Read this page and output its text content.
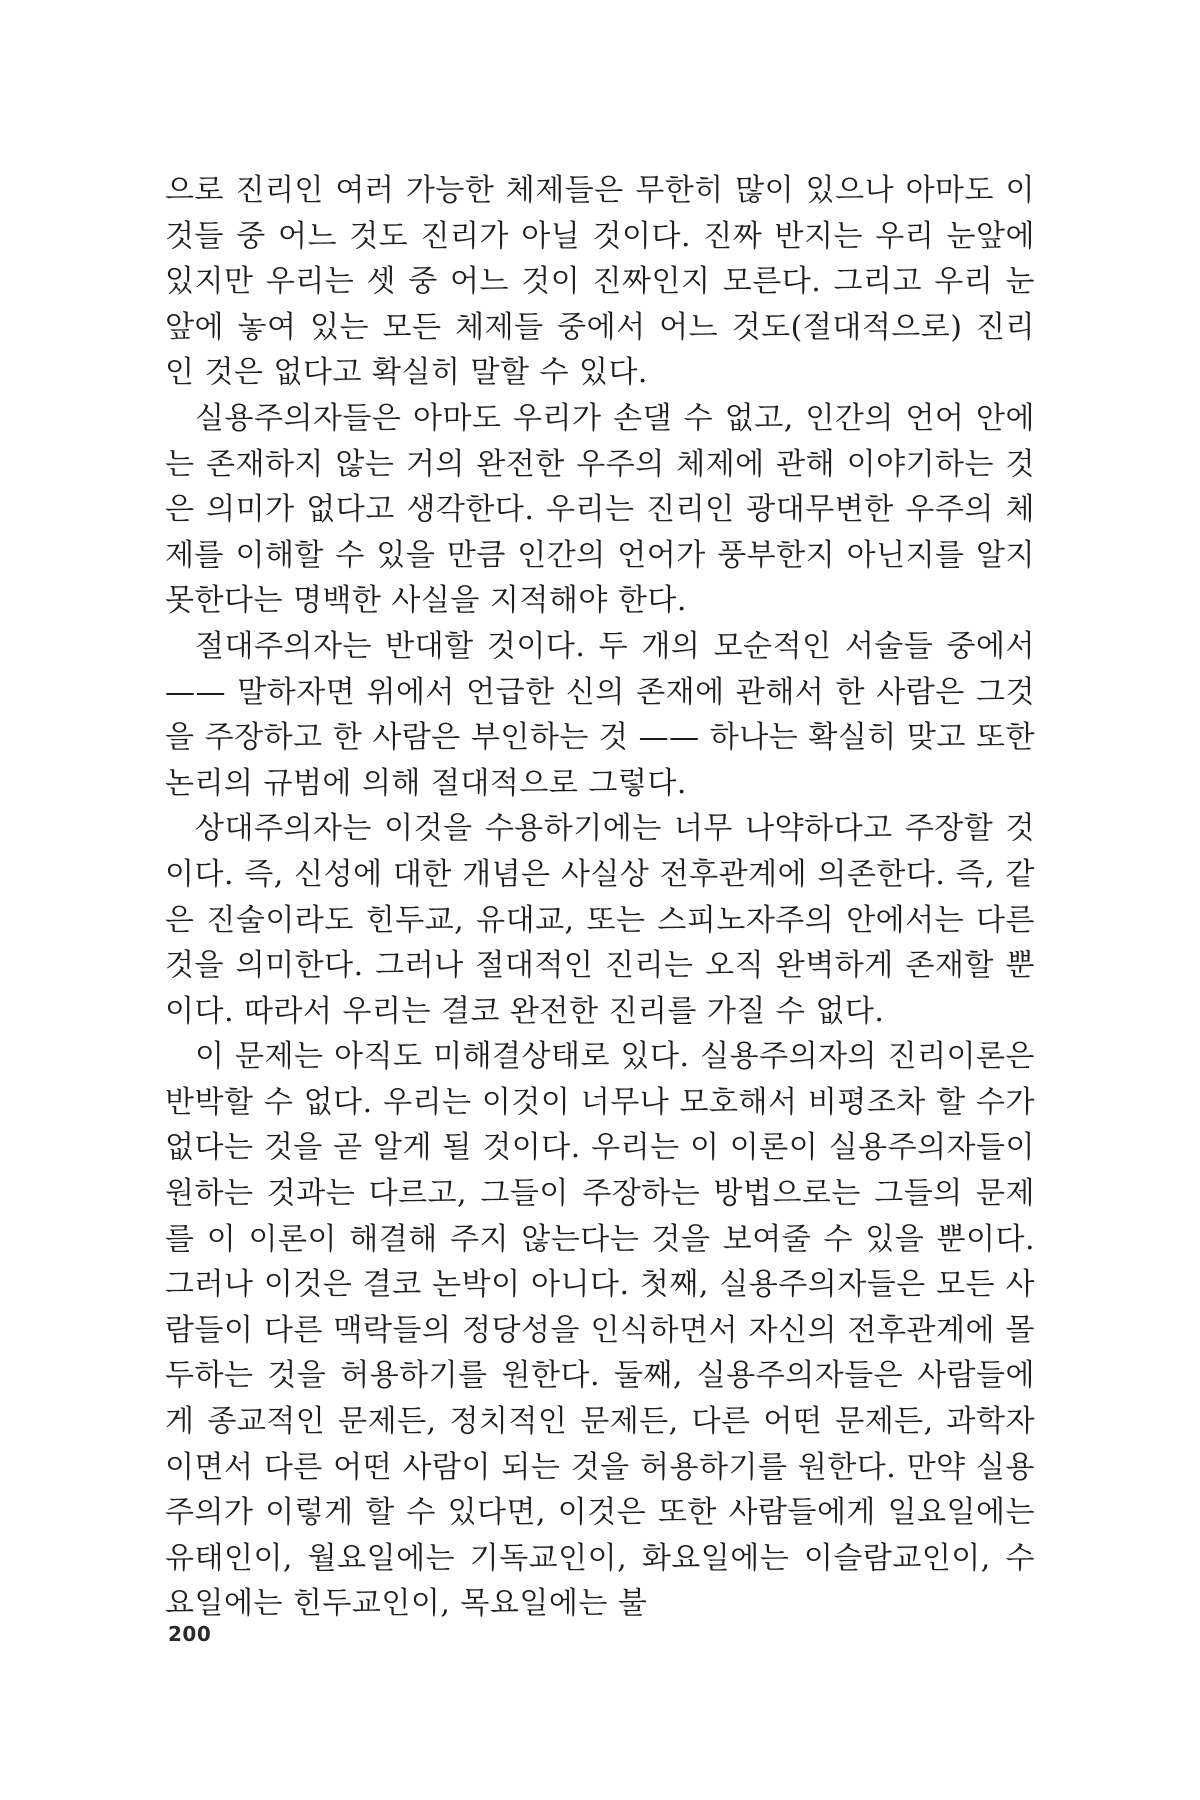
으로 진리인 여러 가능한 체제들은 무한히 많이 있으나 아마도 이것들 중 어느 것도 진리가 아닐 것이다. 진짜 반지는 우리 눈앞에 있지만 우리는 셋 중 어느 것이 진짜인지 모른다. 그리고 우리 눈앞에 놓여 있는 모든 체제들 중에서 어느 것도(절대적으로) 진리인 것은 없다고 확실히 말할 수 있다.

실용주의자들은 아마도 우리가 손댈 수 없고, 인간의 언어 안에는 존재하지 않는 거의 완전한 우주의 체제에 관해 이야기하는 것은 의미가 없다고 생각한다. 우리는 진리인 광대무변한 우주의 체제를 이해할 수 있을 만큼 인간의 언어가 풍부한지 아닌지를 알지 못한다는 명백한 사실을 지적해야 한다.

절대주의자는 반대할 것이다. 두 개의 모순적인 서술들 중에서 —— 말하자면 위에서 언급한 신의 존재에 관해서 한 사람은 그것을 주장하고 한 사람은 부인하는 것 —— 하나는 확실히 맞고 또한 논리의 규범에 의해 절대적으로 그렇다.

상대주의자는 이것을 수용하기에는 너무 나약하다고 주장할 것이다. 즉, 신성에 대한 개념은 사실상 전후관계에 의존한다. 즉, 같은 진술이라도 힌두교, 유대교, 또는 스피노자주의 안에서는 다른 것을 의미한다. 그러나 절대적인 진리는 오직 완벽하게 존재할 뿐이다. 따라서 우리는 결코 완전한 진리를 가질 수 없다.

이 문제는 아직도 미해결상태로 있다. 실용주의자의 진리이론은 반박할 수 없다. 우리는 이것이 너무나 모호해서 비평조차 할 수가 없다는 것을 곧 알게 될 것이다. 우리는 이 이론이 실용주의자들이 원하는 것과는 다르고, 그들이 주장하는 방법으로는 그들의 문제를 이 이론이 해결해 주지 않는다는 것을 보여줄 수 있을 뿐이다. 그러나 이것은 결코 논박이 아니다. 첫째, 실용주의자들은 모든 사람들이 다른 맥락들의 정당성을 인식하면서 자신의 전후관계에 몰두하는 것을 허용하기를 원한다. 둘째, 실용주의자들은 사람들에게 종교적인 문제든, 정치적인 문제든, 다른 어떤 문제든, 과학자이면서 다른 어떤 사람이 되는 것을 허용하기를 원한다. 만약 실용주의가 이렇게 할 수 있다면, 이것은 또한 사람들에게 일요일에는 유태인이, 월요일에는 기독교인이, 화요일에는 이슬람교인이, 수요일에는 힌두교인이, 목요일에는 불

200
